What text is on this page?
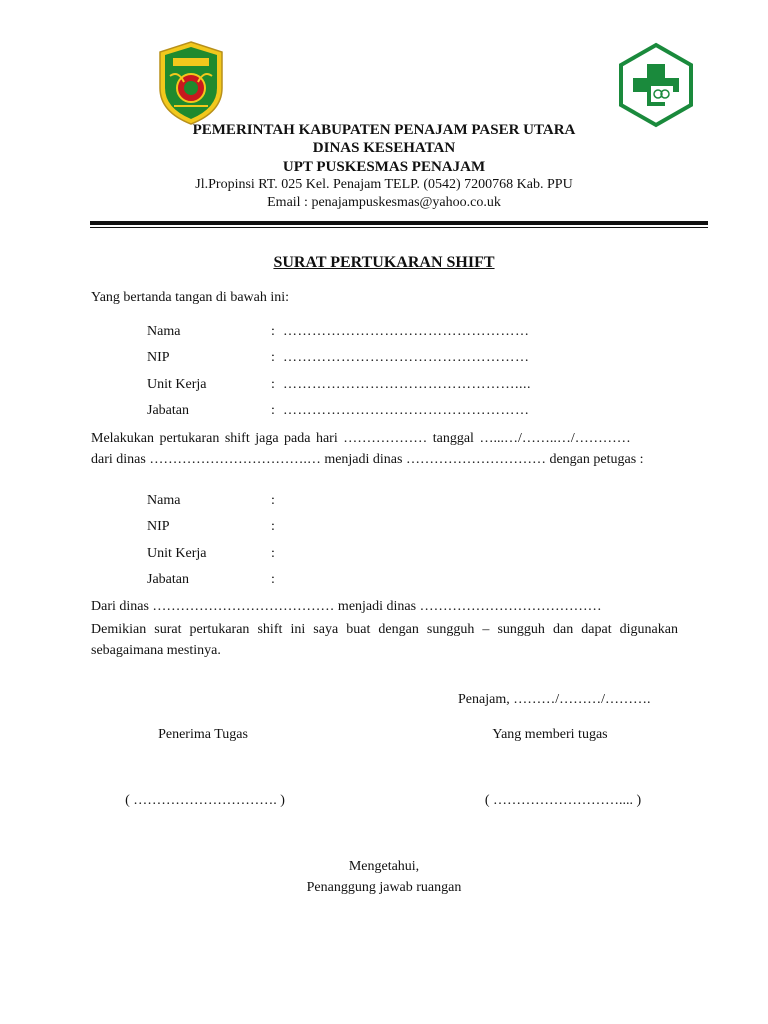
PEMERINTAH KABUPATEN PENAJAM PASER UTARA
DINAS KESEHATAN
UPT PUSKESMAS PENAJAM
Jl.Propinsi RT. 025 Kel. Penajam TELP. (0542) 7200768 Kab. PPU
Email : penajampuskesmas@yahoo.co.uk
SURAT PERTUKARAN SHIFT
Yang bertanda tangan di bawah ini:
Nama	: ……………………………………………
NIP	: ……………………………………………
Unit Kerja	: …………………………………………....
Jabatan	: ……………………………………………
Melakukan pertukaran shift jaga pada hari ……………… tanggal …...…/……..…/…………
dari dinas …………………………….… menjadi dinas ………………………… dengan petugas :
Nama	:
NIP	:
Unit Kerja	:
Jabatan	:
Dari dinas ………………………………… menjadi dinas …………………………………
Demikian surat pertukaran shift ini saya buat dengan sungguh – sungguh dan dapat digunakan sebagaimana mestinya.
Penajam, ………/………/……….
Penerima Tugas	Yang memberi tugas
( …………………………. )	( ……………………….... )
Mengetahui,
Penanggung jawab ruangan
